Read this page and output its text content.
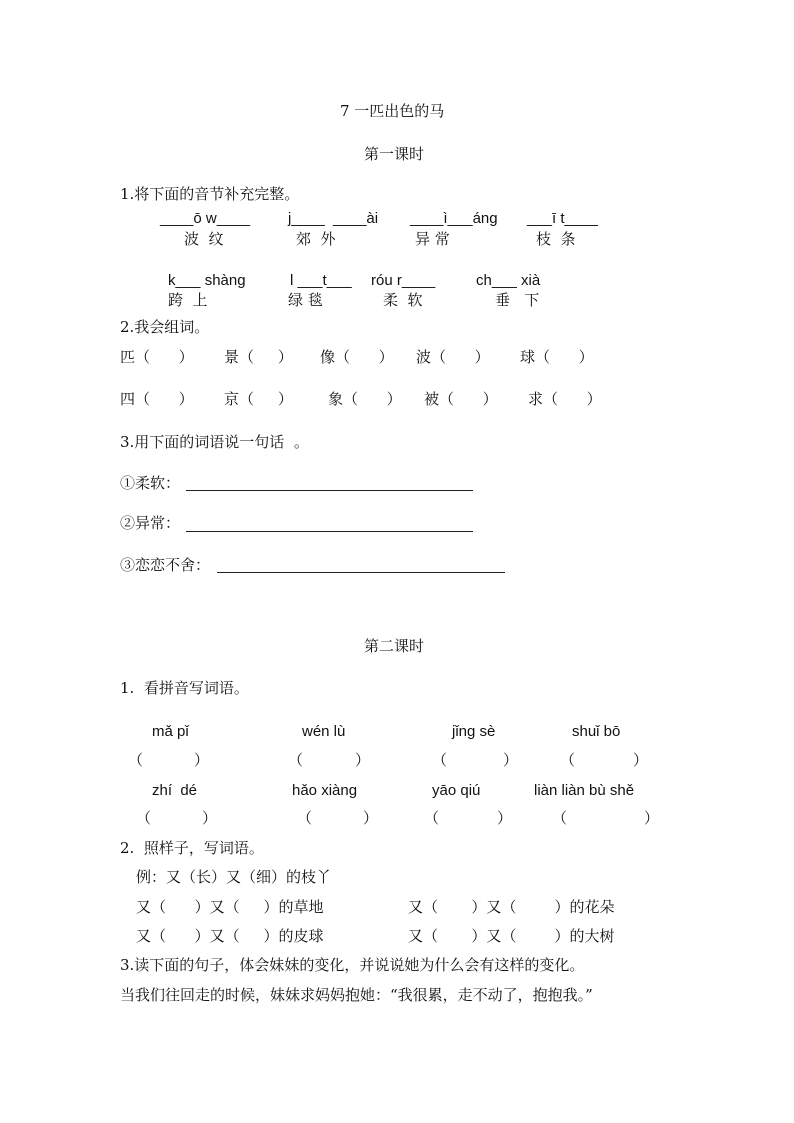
7 一匹出色的马
第一课时
1.将下面的音节补充完整。
____ō w____	j____  ____ài ____ì___áng ___ī t____
波  纹	郊  外	异 常	枝  条
k___ shàng	l ___t___ róu r____	ch___ xià
跨  上	绿 毯	柔  软	垂   下
2.我会组词。
匹（      ） 景（     ） 像（      ） 波（      ） 球（      ）
四（      ） 京（     ） 象（      ） 被（      ） 求（      ）
3.用下面的词语说一句话  。
①柔软：
②异常：
③恋恋不舍：
第二课时
1.  看拼音写词语。
mǎ pǐ	wén lù	jǐng sè	shuǐ bō
（	）	（	）	（	）	（	）
zhí  dé	hǎo xiàng	yāo qiú	liàn liàn bù shě
（	）	（	）	（	）	（	）
2.  照样子，写词语。
例：又（长）又（细）的枝丫
又（      ）又（     ）的草地	又（       ）又（        ）的花朵
又（      ）又（     ）的皮球	又（       ）又（        ）的大树
3.读下面的句子，体会妹妹的变化，并说说她为什么会有这样的变化。
当我们往回走的时候，妹妹求妈妈抱她：“我很累，走不动了，抱抱我。”
